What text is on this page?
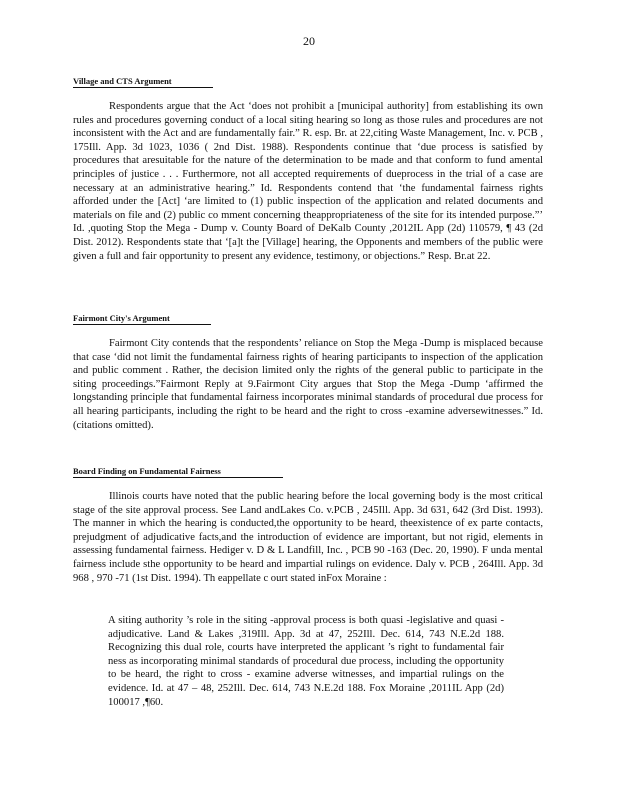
20
Village and CTS Argument

Respondents argue that the Act ‘does not prohibit a [municipal authority] from establishing its own rules and procedures governing conduct of a local siting hearing so long as those rules and procedures are not inconsistent with the Act and are fundamentally fair.” R. esp. Br. at 22,citing Waste Management, Inc. v. PCB , 175Ill. App. 3d 1023, 1036 ( 2nd Dist. 1988). Respondents continue that ‘due process is satisfied by procedures that aresuitable for the nature of the determination to be made and that conform to fund amental principles of justice . . . Furthermore, not all accepted requirements of dueprocess in the trial of a case are necessary at an administrative hearing.” Id. Respondents contend that ‘the fundamental fairness rights afforded under the [Act] ‘are limited to (1) public inspection of the application and related documents and materials on file and (2) public co mment concerning theappropriateness of the site for its intended purpose.”’ Id. ,quoting Stop the Mega - Dump v. County Board of DeKalb County ,2012IL App (2d) 110579, ¶ 43 (2d Dist. 2012). Respondents state that ‘[a]t the [Village] hearing, the Opponents and members of the public were given a full and fair opportunity to present any evidence, testimony, or objections.” Resp. Br.at 22.

Fairmont City's Argument

Fairmont City contends that the respondents’ reliance on Stop the Mega -Dump is misplaced because that case ‘did not limit the fundamental fairness rights of hearing participants to inspection of the application and public comment . Rather, the decision limited only the rights of the general public to participate in the siting proceedings.”Fairmont Reply at 9.Fairmont City argues that Stop the Mega -Dump ‘affirmed the longstanding principle that fundamental fairness incorporates minimal standards of procedural due process for all hearing participants, including the right to be heard and the right to cross -examine adversewitnesses.” Id. (citations omitted).

Board Finding on Fundamental Fairness

Illinois courts have noted that the public hearing before the local governing body is the most critical stage of the site approval process. See Land andLakes Co. v.PCB , 245Ill. App. 3d 631, 642 (3rd Dist. 1993). The manner in which the hearing is conducted,the opportunity to be heard, theexistence of ex parte contacts, prejudgment of adjudicative facts,and the introduction of evidence are important, but not rigid, elements in assessing fundamental fairness. Hediger v. D & L Landfill, Inc. , PCB 90 -163 (Dec. 20, 1990). F unda mental fairness include sthe opportunity to be heard and impartial rulings on evidence. Daly v. PCB , 264Ill. App. 3d 968 , 970 -71 (1st Dist. 1994). Th eappellate c ourt stated inFox Moraine :

A siting authority ’s role in the siting -approval process is both quasi -legislative and quasi -adjudicative. Land & Lakes ,319Ill. App. 3d at 47, 252Ill. Dec. 614, 743 N.E.2d 188. Recognizing this dual role, courts have interpreted the applicant ’s right to fundamental fair ness as incorporating minimal standards of procedural due process, including the opportunity to be heard, the right to cross - examine adverse witnesses, and impartial rulings on the evidence. Id. at 47 – 48, 252Ill. Dec. 614, 743 N.E.2d 188. Fox Moraine ,2011IL App (2d) 100017 ,¶60.
